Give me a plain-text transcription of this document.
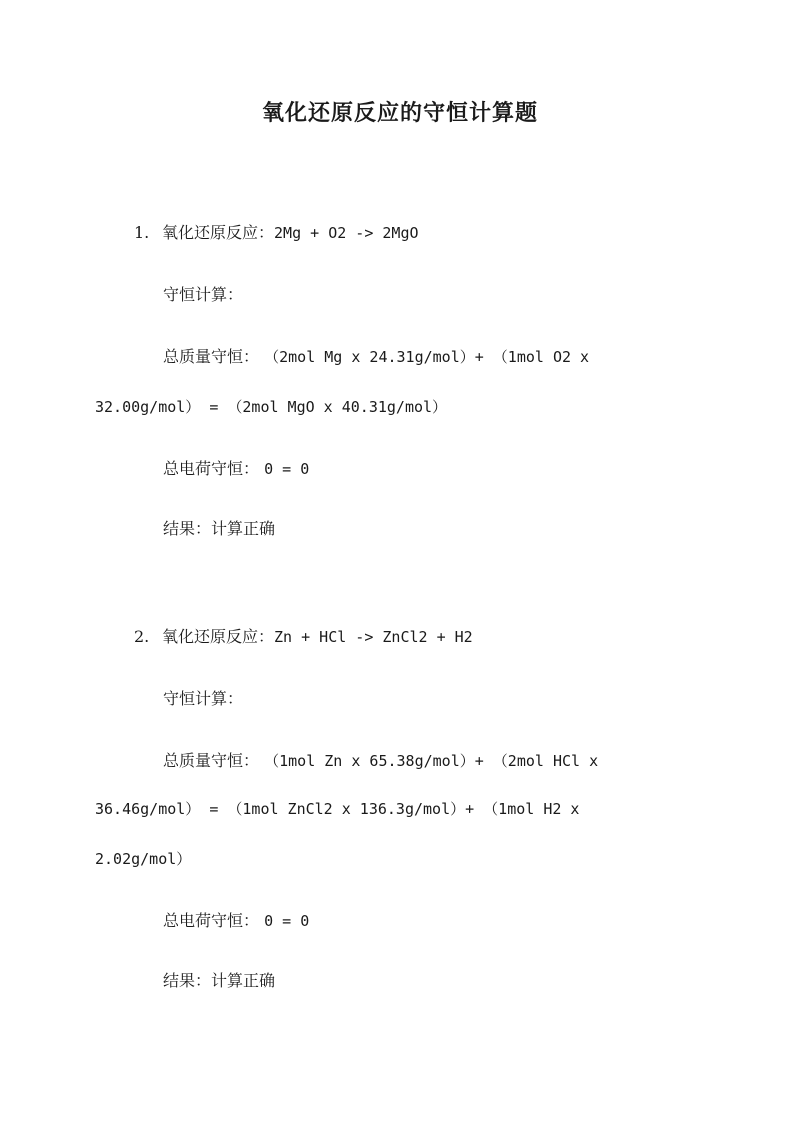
氧化还原反应的守恒计算题
1. 氧化还原反应：2Mg + O2 -> 2MgO
守恒计算：
总质量守恒： （2mol Mg x 24.31g/mol）+ （1mol O2 x
32.00g/mol） = （2mol MgO x 40.31g/mol）
总电荷守恒： 0 = 0
结果：计算正确
2. 氧化还原反应：Zn + HCl -> ZnCl2 + H2
守恒计算：
总质量守恒： （1mol Zn x 65.38g/mol）+ （2mol HCl x
36.46g/mol） = （1mol ZnCl2 x 136.3g/mol）+ （1mol H2 x
2.02g/mol）
总电荷守恒： 0 = 0
结果：计算正确
